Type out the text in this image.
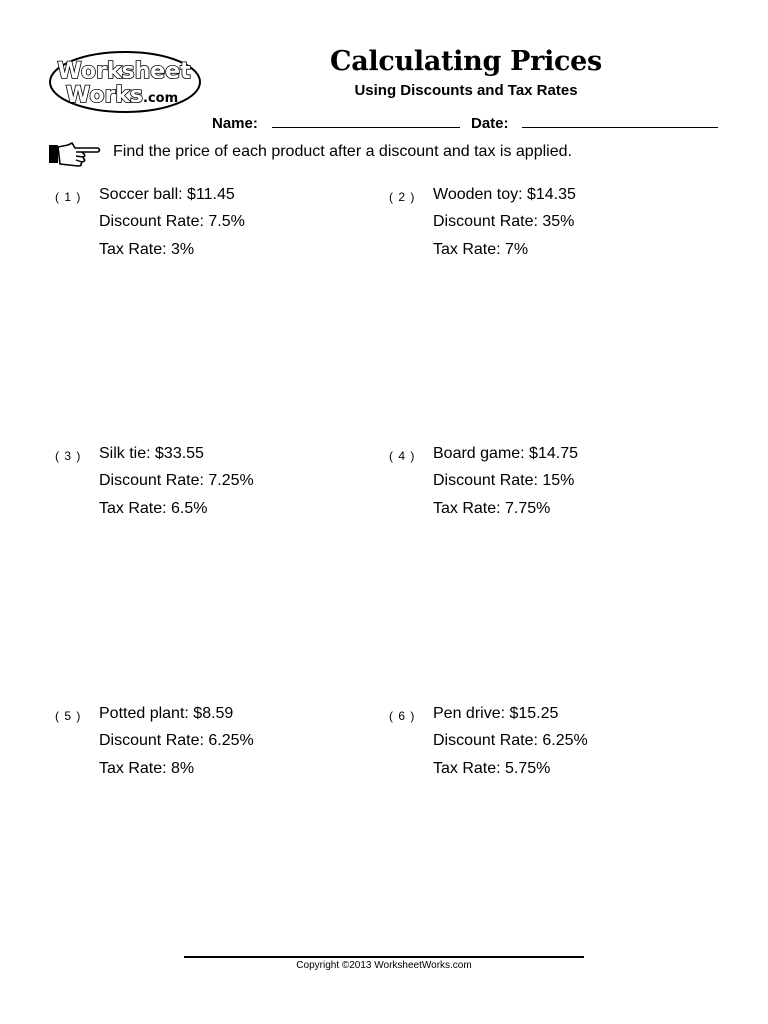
Worksheet
Works.com
Calculating Prices
Using Discounts and Tax Rates
Name:	Date:
Find the price of each product after a discount and tax is applied.
( 1 ) Soccer ball: $11.45
Discount Rate: 7.5%
Tax Rate: 3%
( 2 ) Wooden toy: $14.35
Discount Rate: 35%
Tax Rate: 7%
( 3 ) Silk tie: $33.55
Discount Rate: 7.25%
Tax Rate: 6.5%
( 4 ) Board game: $14.75
Discount Rate: 15%
Tax Rate: 7.75%
( 5 ) Potted plant: $8.59
Discount Rate: 6.25%
Tax Rate: 8%
( 6 ) Pen drive: $15.25
Discount Rate: 6.25%
Tax Rate: 5.75%
Copyright ©2013 WorksheetWorks.com
